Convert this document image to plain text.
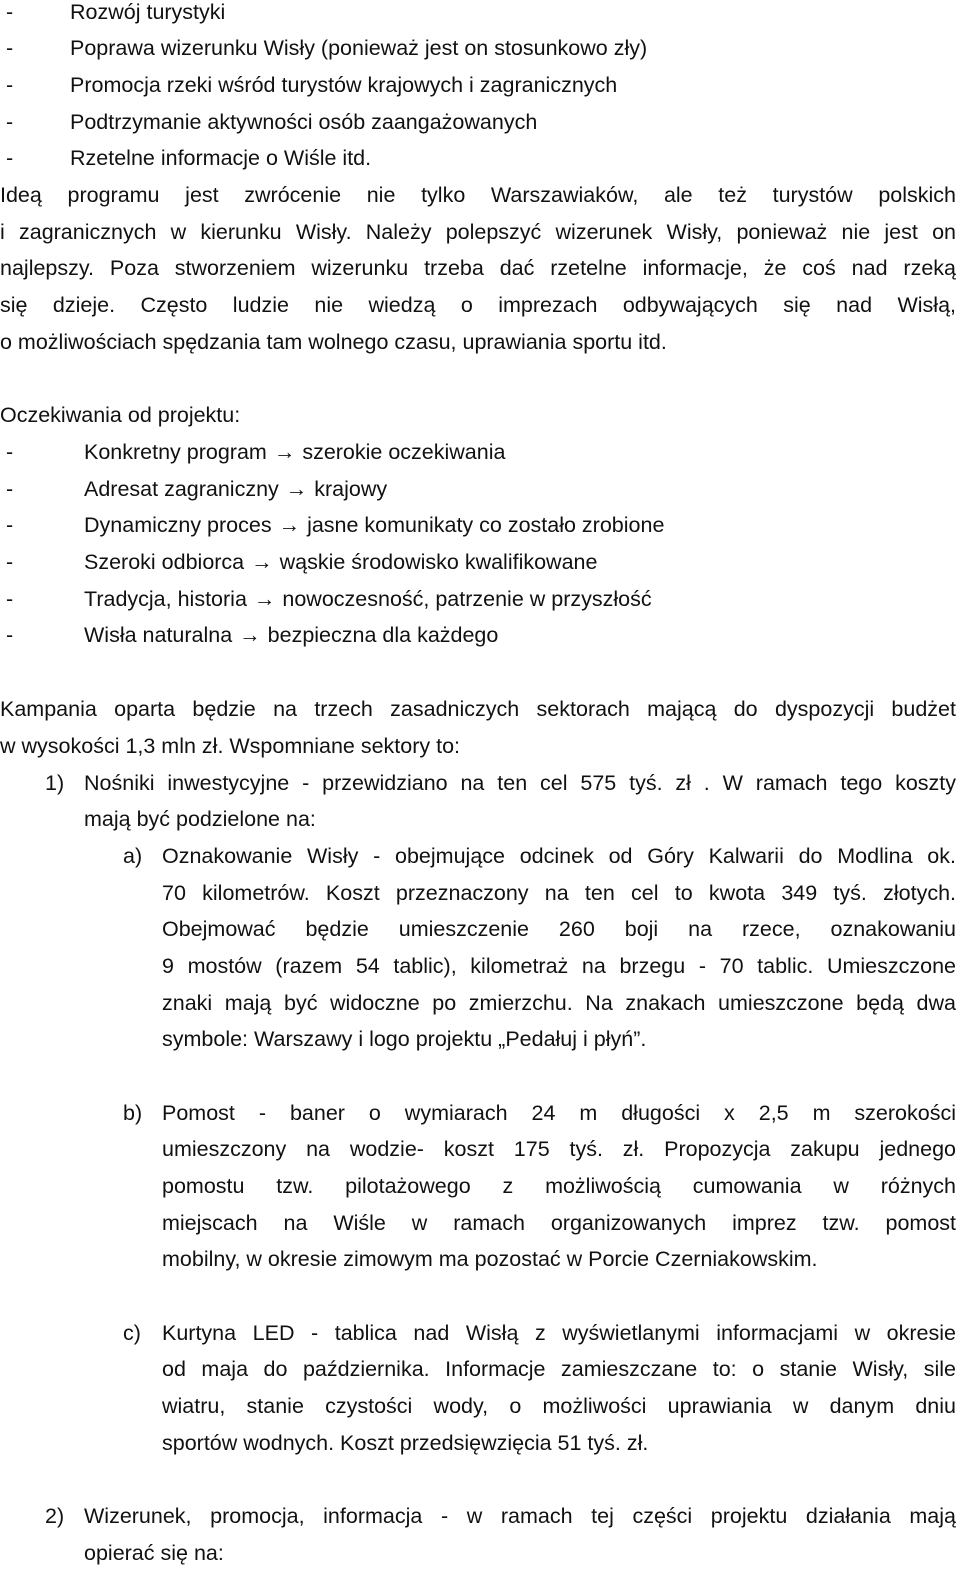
-	Rozwój turystyki
-	Poprawa wizerunku Wisły (ponieważ jest on stosunkowo zły)
-	Promocja rzeki wśród turystów krajowych i zagranicznych
-	Podtrzymanie aktywności osób zaangażowanych
-	Rzetelne informacje o Wiśle itd.
Ideą programu jest zwrócenie nie tylko Warszawiaków, ale też turystów polskich
i zagranicznych w kierunku Wisły. Należy polepszyć wizerunek Wisły, ponieważ nie jest on
najlepszy. Poza stworzeniem wizerunku trzeba dać rzetelne informacje, że coś nad rzeką
się dzieje. Często ludzie nie wiedzą o imprezach odbywających się nad Wisłą,
o możliwościach spędzania tam wolnego czasu, uprawiania sportu itd.
Oczekiwania od projektu:
-	Konkretny program → szerokie oczekiwania
-	Adresat zagraniczny → krajowy
-	Dynamiczny proces → jasne komunikaty co zostało zrobione
-	Szeroki odbiorca → wąskie środowisko kwalifikowane
-	Tradycja, historia → nowoczesność, patrzenie w przyszłość
-	Wisła naturalna → bezpieczna dla każdego
Kampania oparta będzie na trzech zasadniczych sektorach mającą do dyspozycji budżet
w wysokości 1,3 mln zł. Wspomniane sektory to:
1) Nośniki inwestycyjne - przewidziano na ten cel 575 tyś. zł . W ramach tego koszty
mają być podzielone na:
a) Oznakowanie Wisły - obejmujące odcinek od Góry Kalwarii do Modlina ok.
70 kilometrów. Koszt przeznaczony na ten cel to kwota 349 tyś. złotych.
Obejmować będzie umieszczenie 260 boji na rzece, oznakowaniu
9 mostów (razem 54 tablic), kilometraż na brzegu - 70 tablic. Umieszczone
znaki mają być widoczne po zmierzchu. Na znakach umieszczone będą dwa
symbole: Warszawy i logo projektu „Pedałuj i płyń”.
b) Pomost - baner o wymiarach 24 m długości x 2,5 m szerokości
umieszczony na wodzie- koszt 175 tyś. zł. Propozycja zakupu jednego
pomostu tzw. pilotażowego z możliwością cumowania w różnych
miejscach na Wiśle w ramach organizowanych imprez tzw. pomost
mobilny, w okresie zimowym ma pozostać w Porcie Czerniakowskim.
c) Kurtyna LED - tablica nad Wisłą z wyświetlanymi informacjami w okresie
od maja do października. Informacje zamieszczane to: o stanie Wisły, sile
wiatru, stanie czystości wody, o możliwości uprawiania w danym dniu
sportów wodnych. Koszt przedsięwzięcia 51 tyś. zł.
2) Wizerunek, promocja, informacja - w ramach tej części projektu działania mają
opierać się na:
